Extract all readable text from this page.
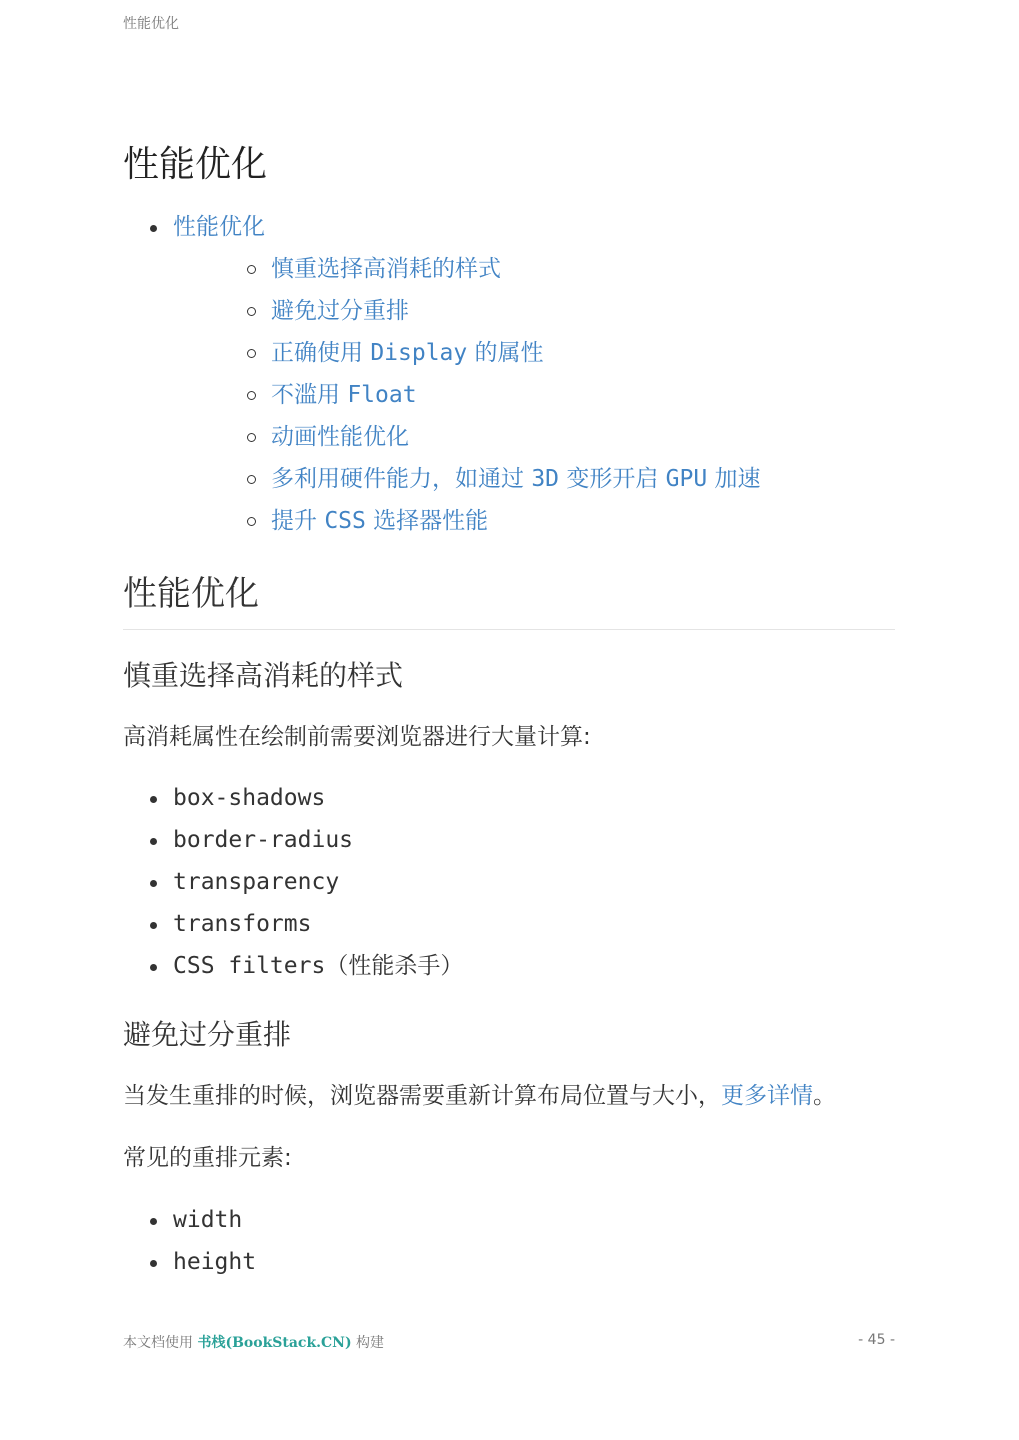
性能优化
性能优化
性能优化
慎重选择高消耗的样式
避免过分重排
正确使用 Display 的属性
不滥用 Float
动画性能优化
多利用硬件能力，如通过 3D 变形开启 GPU 加速
提升 CSS 选择器性能
性能优化
慎重选择高消耗的样式

高消耗属性在绘制前需要浏览器进行大量计算:

box-shadows
border-radius
transparency
transforms
CSS filters（性能杀手）
避免过分重排

当发生重排的时候，浏览器需要重新计算布局位置与大小，更多详情。

常见的重排元素:

width
height
本文档使用 书栈(BookStack.CN) 构建	- 45 -
